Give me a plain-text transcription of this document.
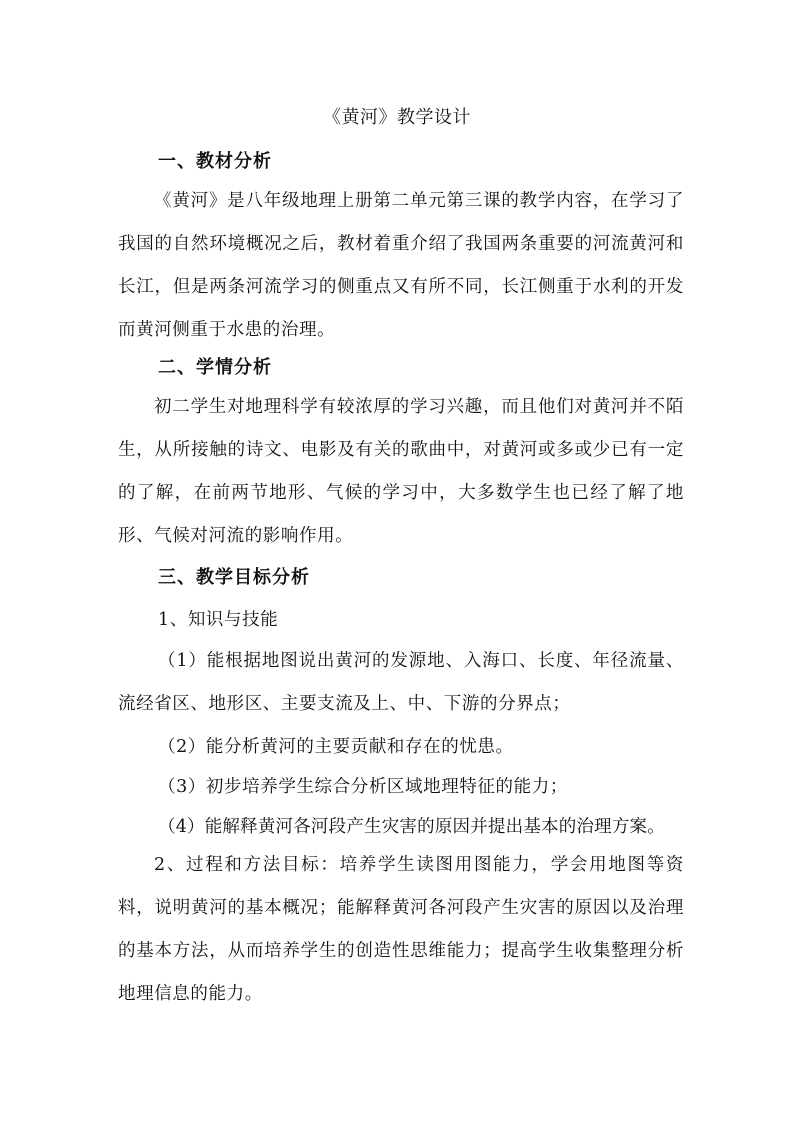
《黄河》教学设计
一、教材分析
《黄河》是八年级地理上册第二单元第三课的教学内容，在学习了我国的自然环境概况之后，教材着重介绍了我国两条重要的河流黄河和长江，但是两条河流学习的侧重点又有所不同，长江侧重于水利的开发而黄河侧重于水患的治理。
二、学情分析
初二学生对地理科学有较浓厚的学习兴趣，而且他们对黄河并不陌生，从所接触的诗文、电影及有关的歌曲中，对黄河或多或少已有一定的了解，在前两节地形、气候的学习中，大多数学生也已经了解了地形、气候对河流的影响作用。
三、教学目标分析
1、知识与技能
（1）能根据地图说出黄河的发源地、入海口、长度、年径流量、流经省区、地形区、主要支流及上、中、下游的分界点；
（2）能分析黄河的主要贡献和存在的忧患。
（3）初步培养学生综合分析区域地理特征的能力；
（4）能解释黄河各河段产生灾害的原因并提出基本的治理方案。
2、过程和方法目标：培养学生读图用图能力，学会用地图等资料，说明黄河的基本概况；能解释黄河各河段产生灾害的原因以及治理的基本方法，从而培养学生的创造性思维能力；提高学生收集整理分析地理信息的能力。
